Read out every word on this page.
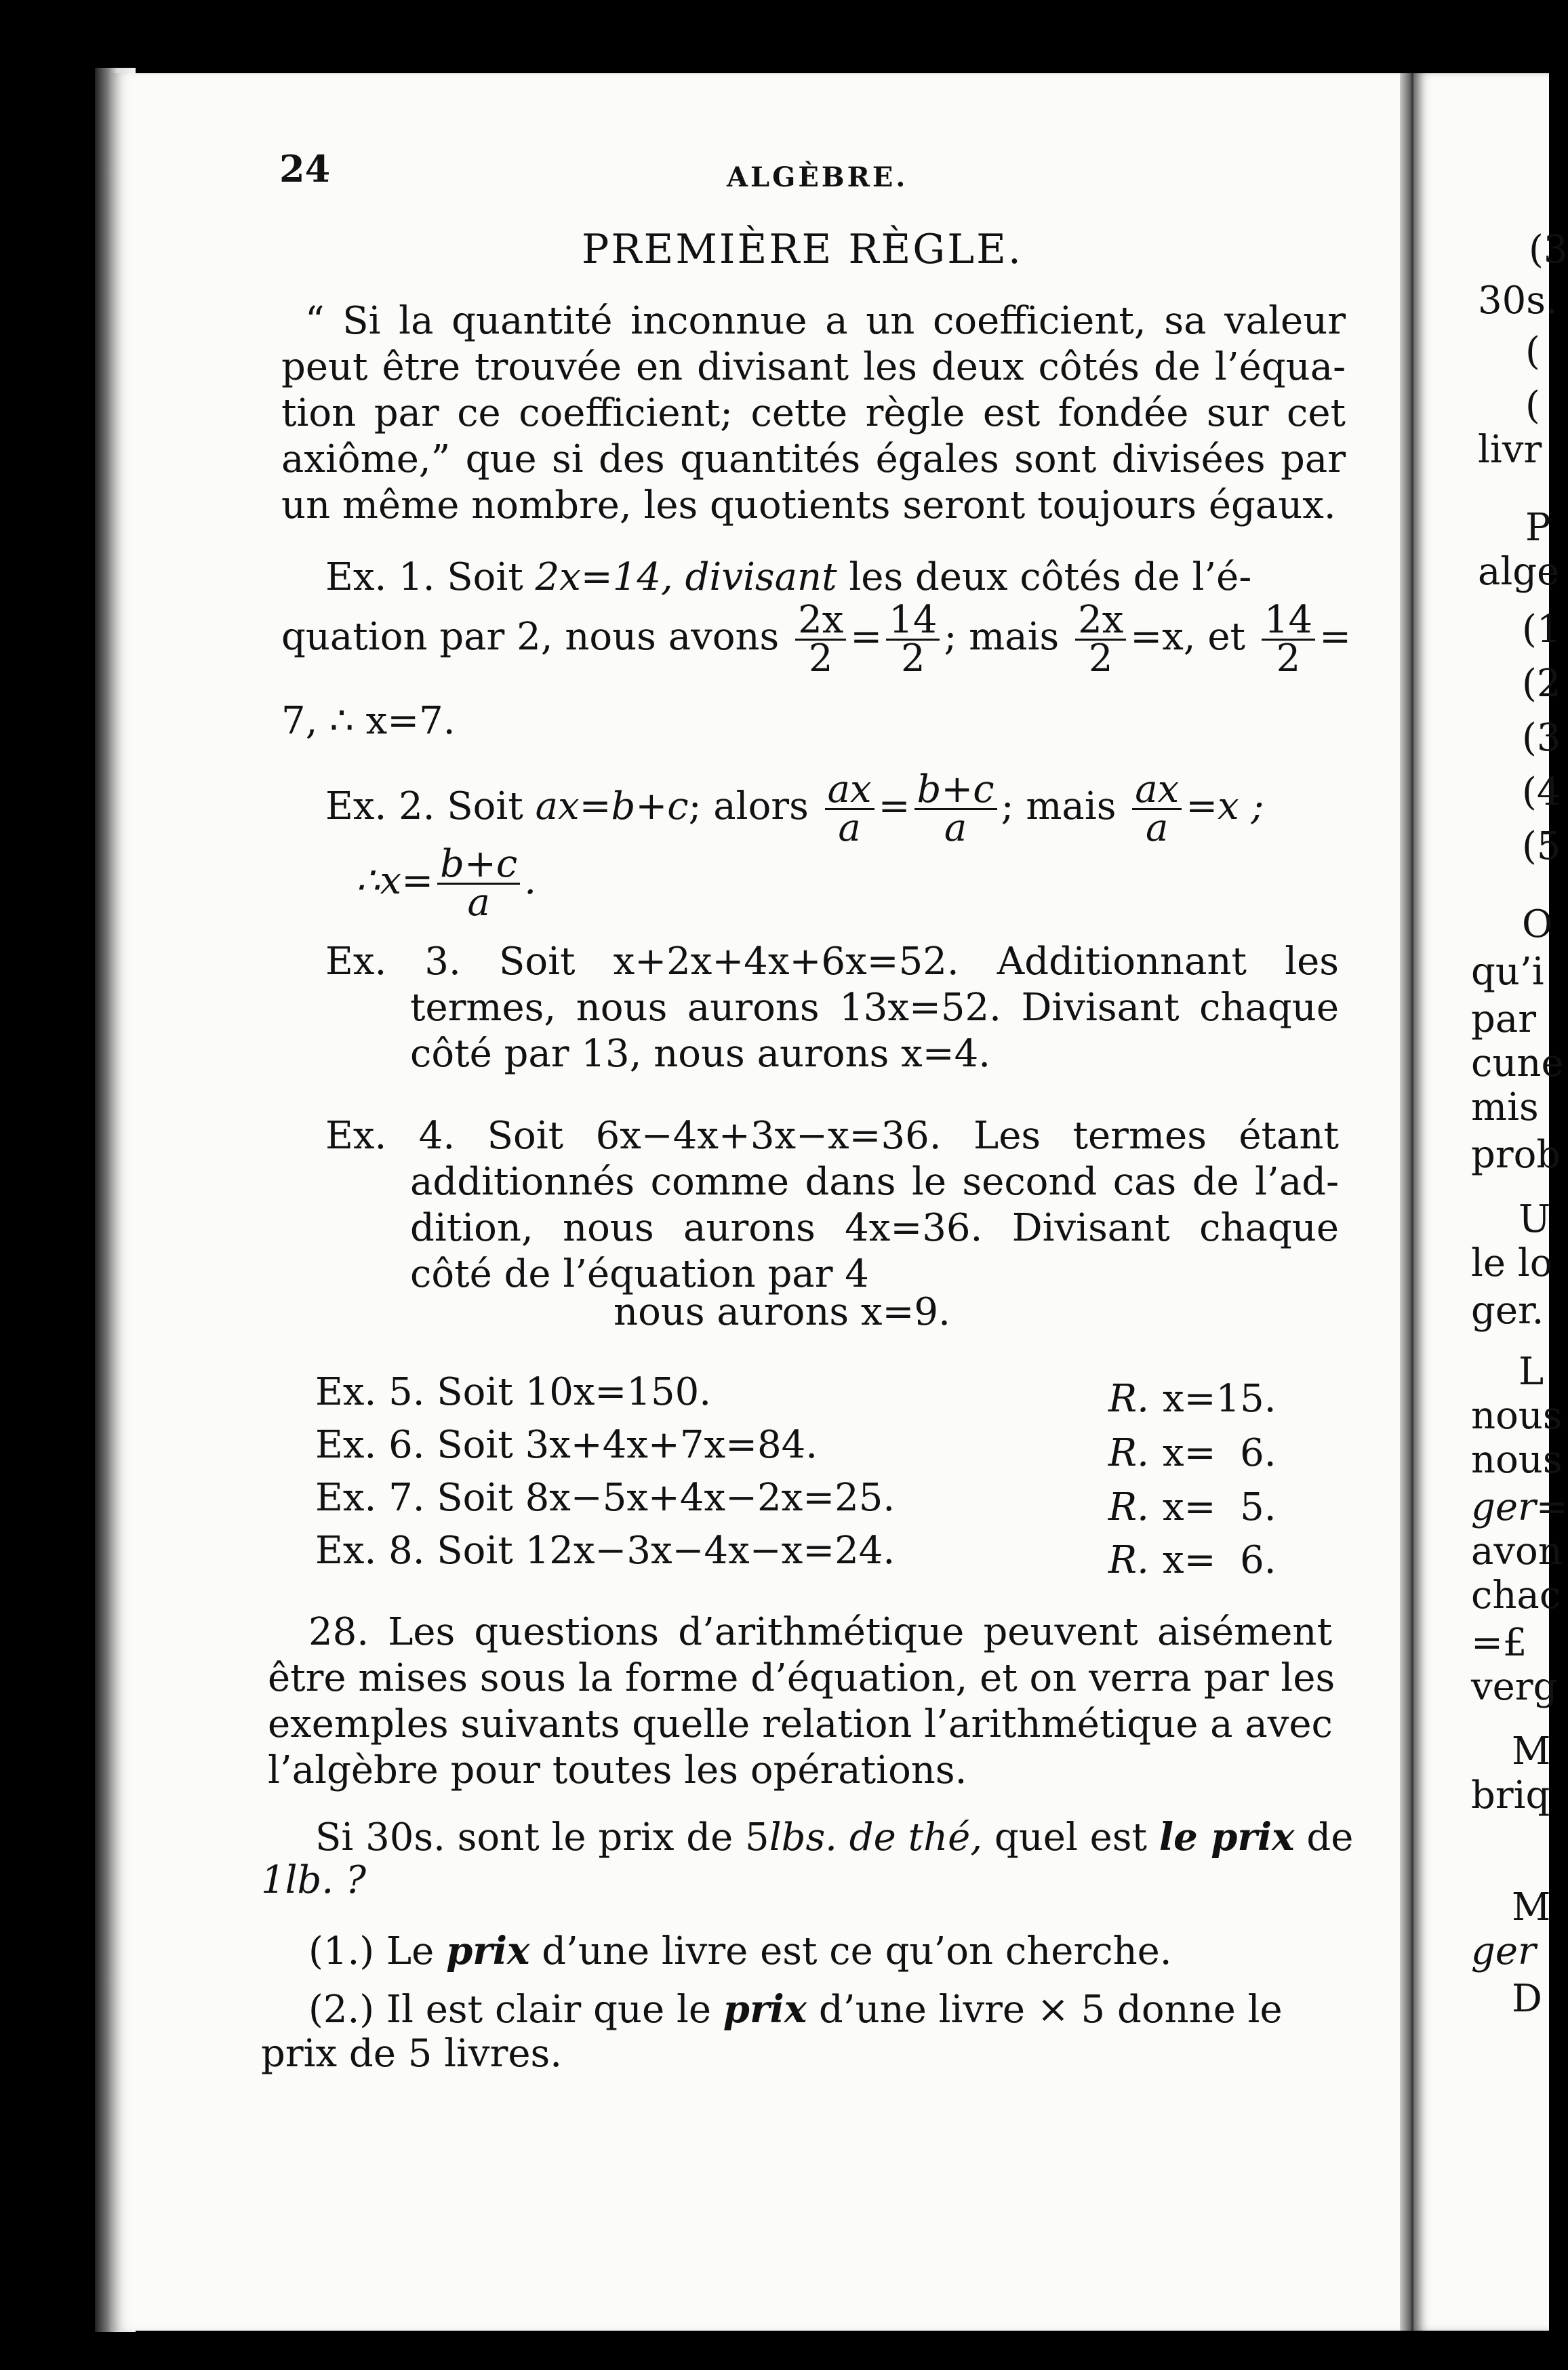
24	ALGÈBRE.
PREMIÈRE RÈGLE.
“ Si la quantité inconnue a un coefficient, sa valeur
peut être trouvée en divisant les deux côtés de l’équa-
tion par ce coefficient; cette règle est fondée sur cet
axiôme,” que si des quantités égales sont divisées par
un même nombre, les quotients seront toujours égaux.
Ex. 1. Soit 2x=14, divisant les deux côtés de l’é-
quation par 2, nous avons $\frac{2x}{2} = \frac{14}{2}$ ; mais $\frac{2x}{2} =x$, et $\frac{14}{2}$ =
7, ∴ x=7.
Ex. 2. Soit ax=b+c; alors $\frac{ax}{a} = \frac{b+c}{a}$ ; mais $\frac{ax}{a} =x$ ;
∴x= $\frac{b+c}{a}$ .
Ex. 3. Soit x+2x+4x+6x=52. Additionnant les
termes, nous aurons 13x=52. Divisant chaque
côté par 13, nous aurons x=4.
Ex. 4. Soit 6x−4x+3x−x=36. Les termes étant
additionnés comme dans le second cas de l’ad-
dition, nous aurons 4x=36. Divisant chaque
côté de l’équation par 4
nous aurons x=9.
Ex. 5. Soit 10x=150.	R. x=15.
Ex. 6. Soit 3x+4x+7x=84.	R. x=  6.
Ex. 7. Soit 8x−5x+4x−2x=25.	R. x=  5.
Ex. 8. Soit 12x−3x−4x−x=24.	R. x=  6.
28. Les questions d’arithmétique peuvent aisément
être mises sous la forme d’équation, et on verra par les
exemples suivants quelle relation l’arithmétique a avec
l’algèbre pour toutes les opérations.
Si 30s. sont le prix de 5lbs. de thé, quel est le prix de
1lb. ?
(1.) Le prix d’une livre est ce qu’on cherche.
(2.) Il est clair que le prix d’une livre × 5 donne le
prix de 5 livres.
(3
30s.
(
(
livr
P
alge
(1
(2
(3
(4
(5
O
qu’i
par
cune
mis
prob
U
le lo
ger.
L
nous
nous
ger=
avon
chac
=£
verg
M
briq
M
ger
D
